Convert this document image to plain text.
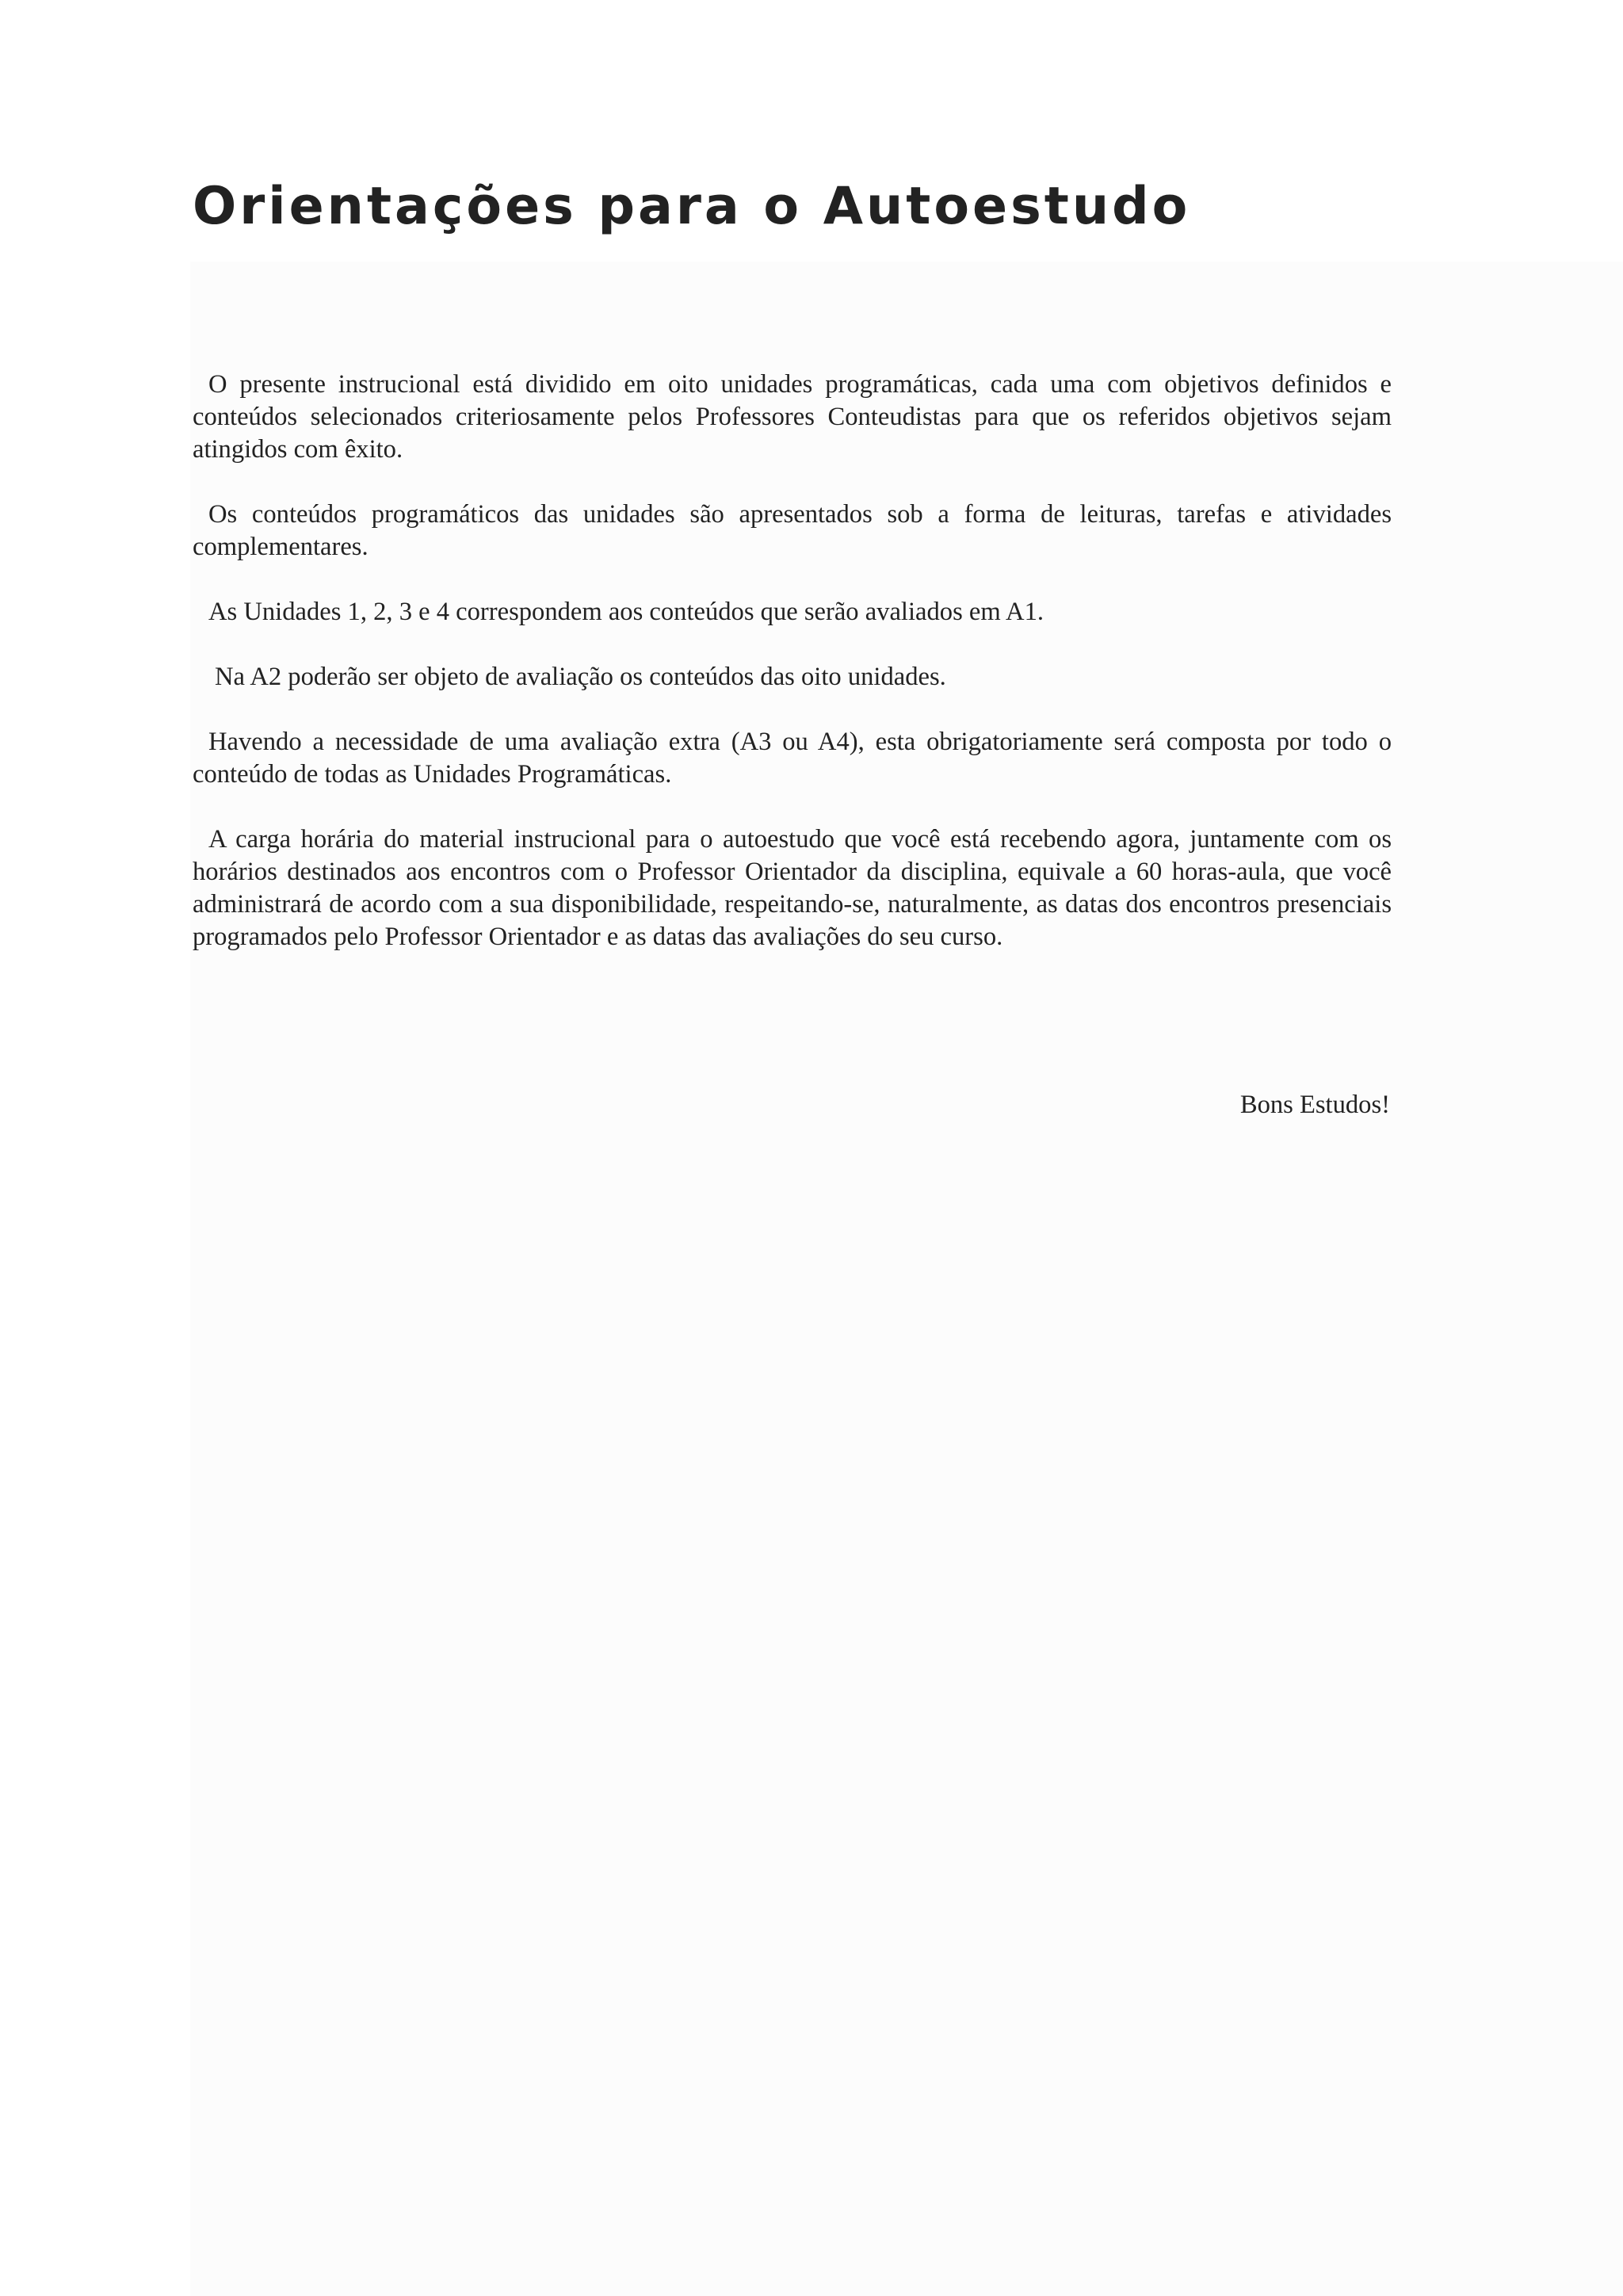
Orientações para o Autoestudo

O presente instrucional está dividido em oito unidades programáticas, cada uma com objetivos definidos e conteúdos selecionados criteriosamente pelos Professores Conteudistas para que os referidos objetivos sejam atingidos com êxito.

Os conteúdos programáticos das unidades são apresentados sob a forma de leituras, tarefas e atividades complementares.

As Unidades 1, 2, 3 e 4 correspondem aos conteúdos que serão avaliados em A1.

Na A2 poderão ser objeto de avaliação os conteúdos das oito unidades.

Havendo a necessidade de uma avaliação extra (A3 ou A4), esta obrigatoriamente será composta por todo o conteúdo de todas as Unidades Programáticas.

A carga horária do material instrucional para o autoestudo que você está recebendo agora, juntamente com os horários destinados aos encontros com o Professor Orientador da disciplina, equivale a 60 horas-aula, que você administrará de acordo com a sua disponibilidade, respeitando-se, naturalmente, as datas dos encontros presenciais programados pelo Professor Orientador e as datas das avaliações do seu curso.

Bons Estudos!
